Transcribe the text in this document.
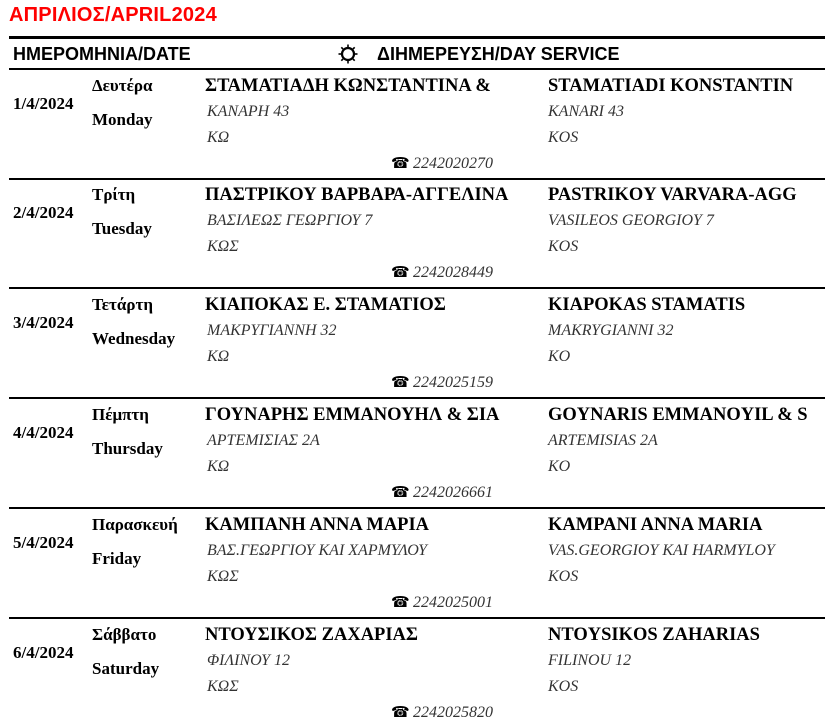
ΑΠΡΙΛΙΟΣ/APRIL2024
ΗΜΕΡΟΜΗΝΙΑ/DATE	ΔΙΗΜΕΡΕΥΣΗ/DAY SERVICE
1/4/2024
Δευτέρα
Monday
ΣΤΑΜΑΤΙΑΔΗ ΚΩΝΣΤΑΝΤΙΝΑ &	STAMATIADI KONSTANTIN
ΚΑΝΑΡΗ 43	KANARI 43
ΚΩ	KOS
☎ 2242020270
2/4/2024
Τρίτη
Tuesday
ΠΑΣΤΡΙΚΟΥ ΒΑΡΒΑΡΑ-ΑΓΓΕΛΙΝΑ PASTRIKOY VARVARA-AGG
ΒΑΣΙΛΕΩΣ ΓΕΩΡΓΙΟΥ 7	VASILEOS GEORGIOY 7
ΚΩΣ	KOS
☎ 2242028449
3/4/2024
Τετάρτη
Wednesday
ΚΙΑΠΟΚΑΣ Ε. ΣΤΑΜΑΤΙΟΣ	KIAPOKAS STAMATIS
ΜΑΚΡΥΓΙΑΝΝΗ 32	MAKRYGIANNI 32
ΚΩ	KO
☎ 2242025159
4/4/2024
Πέμπτη
Thursday
ΓΟΥΝΑΡΗΣ ΕΜΜΑΝΟΥΗΛ & ΣΙΑ	GOYNARIS EMMANOYIL & S
ΑΡΤΕΜΙΣΙΑΣ 2Α	ARTEMISIAS 2A
ΚΩ	KO
☎ 2242026661
5/4/2024
Παρασκευή
Friday
ΚΑΜΠΑΝΗ ΑΝΝΑ ΜΑΡΙΑ	KAMPANI ANNA MARIA
ΒΑΣ.ΓΕΩΡΓΙΟΥ ΚΑΙ ΧΑΡΜΥΛΟΥ	VAS.GEORGIOY KAI HARMYLOY
ΚΩΣ	KOS
☎ 2242025001
6/4/2024
Σάββατο
Saturday
ΝΤΟΥΣΙΚΟΣ ΖΑΧΑΡΙΑΣ	NTOYSIKOS ZAHARIAS
ΦΙΛΙΝΟΥ 12	FILINOU 12
ΚΩΣ	KOS
☎ 2242025820
